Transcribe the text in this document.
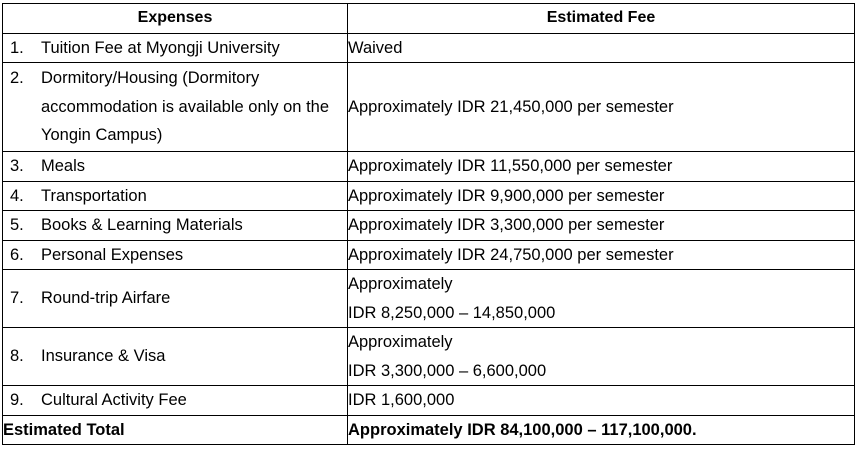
Expenses	Estimated Fee

1. Tuition Fee at Myongji University	Waived

2. Dormitory/Housing (Dormitory accommodation is available only on the Yongin Campus)	Approximately IDR 21,450,000 per semester

3. Meals	Approximately IDR 11,550,000 per semester

4. Transportation	Approximately IDR 9,900,000 per semester

5. Books & Learning Materials	Approximately IDR 3,300,000 per semester

6. Personal Expenses	Approximately IDR 24,750,000 per semester

7. Round-trip Airfare	Approximately
IDR 8,250,000 – 14,850,000

8. Insurance & Visa	Approximately
IDR 3,300,000 – 6,600,000

9. Cultural Activity Fee	IDR 1,600,000

Estimated Total	Approximately IDR 84,100,000 – 117,100,000.
